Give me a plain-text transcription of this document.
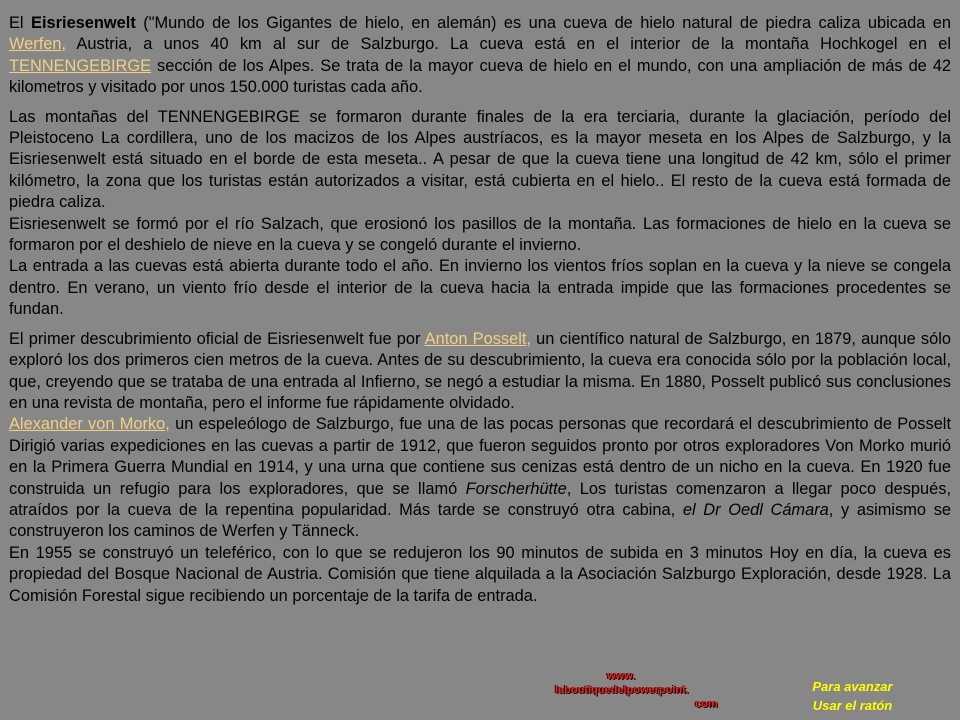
El Eisriesenwelt ("Mundo de los Gigantes de hielo, en alemán) es una cueva de hielo natural de piedra caliza ubicada en Werfen, Austria, a unos 40 km al sur de Salzburgo. La cueva está en el interior de la montaña Hochkogel en el TENNENGEBIRGE sección de los Alpes. Se trata de la mayor cueva de hielo en el mundo, con una ampliación de más de 42 kilometros y visitado por unos 150.000 turistas cada año.

Las montañas del TENNENGEBIRGE se formaron durante finales de la era terciaria, durante la glaciación, período del Pleistoceno La cordillera, uno de los macizos de los Alpes austríacos, es la mayor meseta en los Alpes de Salzburgo, y la Eisriesenwelt está situado en el borde de esta meseta.. A pesar de que la cueva tiene una longitud de 42 km, sólo el primer kilómetro, la zona que los turistas están autorizados a visitar, está cubierta en el hielo.. El resto de la cueva está formada de piedra caliza.

Eisriesenwelt se formó por el río Salzach, que erosionó los pasillos de la montaña. Las formaciones de hielo en la cueva se formaron por el deshielo de nieve en la cueva y se congeló durante el invierno.

La entrada a las cuevas está abierta durante todo el año. En invierno los vientos fríos soplan en la cueva y la nieve se congela dentro. En verano, un viento frío desde el interior de la cueva hacia la entrada impide que las formaciones procedentes se fundan.

El primer descubrimiento oficial de Eisriesenwelt fue por Anton Posselt, un científico natural de Salzburgo, en 1879, aunque sólo exploró los dos primeros cien metros de la cueva. Antes de su descubrimiento, la cueva era conocida sólo por la población local, que, creyendo que se trataba de una entrada al Infierno, se negó a estudiar la misma. En 1880, Posselt publicó sus conclusiones en una revista de montaña, pero el informe fue rápidamente olvidado.

Alexander von Morko, un espeleólogo de Salzburgo, fue una de las pocas personas que recordará el descubrimiento de Posselt Dirigió varias expediciones en las cuevas a partir de 1912, que fueron seguidos pronto por otros exploradores Von Morko murió en la Primera Guerra Mundial en 1914, y una urna que contiene sus cenizas está dentro de un nicho en la cueva. En 1920 fue construida un refugio para los exploradores, que se llamó Forscherhütte, Los turistas comenzaron a llegar poco después, atraídos por la cueva de la repentina popularidad. Más tarde se construyó otra cabina, el Dr Oedl Cámara, y asimismo se construyeron los caminos de Werfen y Tänneck.

En 1955 se construyó un teleférico, con lo que se redujeron los 90 minutos de subida en 3 minutos Hoy en día, la cueva es propiedad del Bosque Nacional de Austria. Comisión que tiene alquilada a la Asociación Salzburgo Exploración, desde 1928. La Comisión Forestal sigue recibiendo un porcentaje de la tarifa de entrada.

www.
laboutiquedelpowerpoint.
com
Para avanzar
Usar el ratón
